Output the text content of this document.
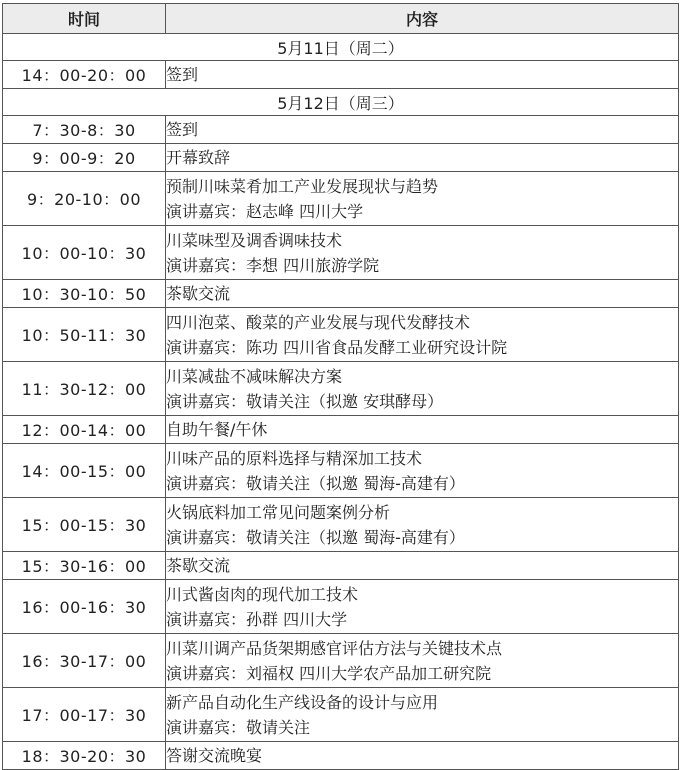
时间	内容
5月11日（周二）	
14：00-20：00	签到

5月12日（周三）	
7：30-8：30	签到

9：00-9：20	开幕致辞

9：20-10：00	预制川味菜肴加工产业发展现状与趋势
演讲嘉宾：赵志峰 四川大学

10：00-10：30	川菜味型及调香调味技术
演讲嘉宾：李想 四川旅游学院

10：30-10：50	茶歇交流

10：50-11：30	四川泡菜、酸菜的产业发展与现代发酵技术
演讲嘉宾：陈功 四川省食品发酵工业研究设计院

11：30-12：00	川菜减盐不减味解决方案
演讲嘉宾：敬请关注（拟邀 安琪酵母）

12：00-14：00	自助午餐/午休

14：00-15：00	川味产品的原料选择与精深加工技术
演讲嘉宾：敬请关注（拟邀 蜀海-高建有）

15：00-15：30	火锅底料加工常见问题案例分析
演讲嘉宾：敬请关注（拟邀 蜀海-高建有）

15：30-16：00	茶歇交流

16：00-16：30	川式酱卤肉的现代加工技术
演讲嘉宾：孙群 四川大学

16：30-17：00	川菜川调产品货架期感官评估方法与关键技术点
演讲嘉宾：刘福权 四川大学农产品加工研究院

17：00-17：30	新产品自动化生产线设备的设计与应用
演讲嘉宾：敬请关注

18：30-20：30	答谢交流晚宴
